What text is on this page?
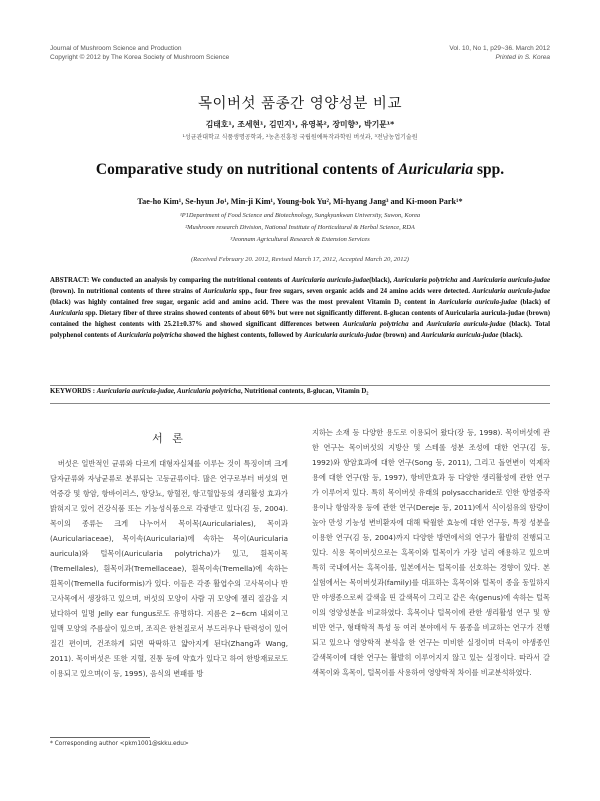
Journal of Mushroom Science and Production
Copyright © 2012 by The Korea Society of Mushroom Science
Vol. 10, No 1, p29~36. March 2012
Printed in S. Korea
목이버섯 품종간 영양성분 비교
김태호¹, 조세현¹, 김민지¹, 유영복², 장미향³, 박기문¹*
¹성균관대학교 식품생명공학과, ²농촌진흥청 국립원예특작과학원 버섯과, ³전남농업기술원
Comparative study on nutritional contents of Auricularia spp.
Tae-ho Kim¹, Se-hyun Jo¹, Min-ji Kim¹, Young-bok Yu², Mi-hyang Jang³ and Ki-moon Park¹*
¹P1Department of Food Science and Biotechnology, Sungkyunkwan University, Suwon, Korea
²Mushroom research Division, National Institute of Horticultural & Herbal Science, RDA
³Jeonnam Agricultural Research & Extension Services
(Received February 20. 2012, Revised March 17, 2012, Accepted March 20, 2012)

ABSTRACT: We conducted an analysis by comparing the nutritional contents of Auricularia auricula-judae(black), Auricularia polytricha and Auricularia auricula-judae (brown). In nutritional contents of three strains of Auricularia spp., four free sugars, seven organic acids and 24 amino acids were detected. Auricularia auricula-judae (black) was highly contained free sugar, organic acid and amino acid. There was the most prevalent Vitamin D₂ content in Auricularia auricula-judae (black) of Auricularia spp. Dietary fiber of three strains showed contents of about 60% but were not significantly different. ß-glucan contents of Auricularia auricula-judae (brown) contained the highest contents with 25.21±0.37% and showed significant differences between Auricularia polytricha and Auricularia auricula-judae (black). Total polyphenol contents of Auricularia polytricha showed the highest contents, followed by Auricularia auricula-judae (brown) and Auricularia auricula-judae (black).

KEYWORDS : Auricularia auricula-judae, Auricularia polytricha, Nutritional contents, ß-glucan, Vitamin D₂
서 론

버섯은 일반적인 균류와 다르게 대형자실체를 이루는 것이 특징이며 크게 담자균류와 자낭균류로 분류되는 고등균류이다. 많은 연구로부터 버섯의 면역증강 및 항암, 항바이러스, 항당뇨, 항혈전, 항고혈압등의 생리활성 효과가 밝혀지고 있어 건강식품 또는 기능성식품으로 각광받고 있다(김 등, 2004). 목이의 종류는 크게 나누어서 목이목(Auriculariales), 목이과(Auriculariaceae), 목이속(Auricularia)에 속하는 목이(Auricularia auricula)와 털목이(Auricularia polytricha)가 있고, 흰목이목(Tremellales), 흰목이과(Tremellaceae), 흰목이속(Tremella)에 속하는 흰목이(Tremella fuciformis)가 있다. 이들은 각종 활엽수의 고사목이나 반고사목에서 생장하고 있으며, 버섯의 모양이 사람 귀 모양에 젤리 질감을 지녔다하여 일명 Jelly ear fungus로도 유명하다. 지름은 2~6cm 내외이고 일맥 모양의 주름살이 있으며, 조직은 한천질로서 부드러우나 탄력성이 있어 질긴 편이며, 건조하게 되면 딱딱하고 얇아지게 된다(Zhang과 Wang, 2011). 목이버섯은 또한 지혈, 진통 등에 약효가 있다고 하여 한방재료로도 이용되고 있으며(이 등, 1995), 음식의 변패를 방

지하는 소재 등 다양한 용도로 이용되어 왔다(장 등, 1998). 목이버섯에 관한 연구는 목이버섯의 지방산 및 스테롤 성분 조성에 대한 연구(김 등, 1992)와 항암효과에 대한 연구(Song 등, 2011), 그리고 돌연변이 억제작용에 대한 연구(함 등, 1997), 항비만효과 등 다양한 생리활성에 관한 연구가 이루어져 있다. 특히 목이버섯 유래의 polysaccharide로 인한 항염증작용이나 항암작용 등에 관한 연구(Dereje 등, 2011)에서 식이섬유의 함량이 높아 만성 기능성 변비환자에 대해 탁월한 효능에 대한 연구등, 특정 성분을 이용한 연구(김 등, 2004)까지 다양한 방면에서의 연구가 활발히 진행되고 있다. 식용 목이버섯으로는 흑목이와 털목이가 가장 널리 애용하고 있으며 특히 국내에서는 흑목이를, 일본에서는 털목이를 선호하는 경향이 있다. 본 실험에서는 목이버섯과(family)를 대표하는 흑목이와 털목이 종을 동일하지만 야생종으로써 갈색을 띤 갈색목이 그리고 같은 속(genus)에 속하는 털목이의 영양성분을 비교하였다. 흑목이나 털목이에 관한 생리활성 연구 및 항비만 연구, 형태학적 특성 등 여러 분야에서 두 품종을 비교하는 연구가 진행되고 있으나 영양학적 분석을 한 연구는 미비한 실정이며 더욱이 야생종인 갈색목이에 대한 연구는 활발히 이루어지지 않고 있는 실정이다. 따라서 갈색목이와 흑목이, 털목이를 사용하여 영양학적 차이를 비교분석하였다.

* Corresponding author <pkm1001@skku.edu>
